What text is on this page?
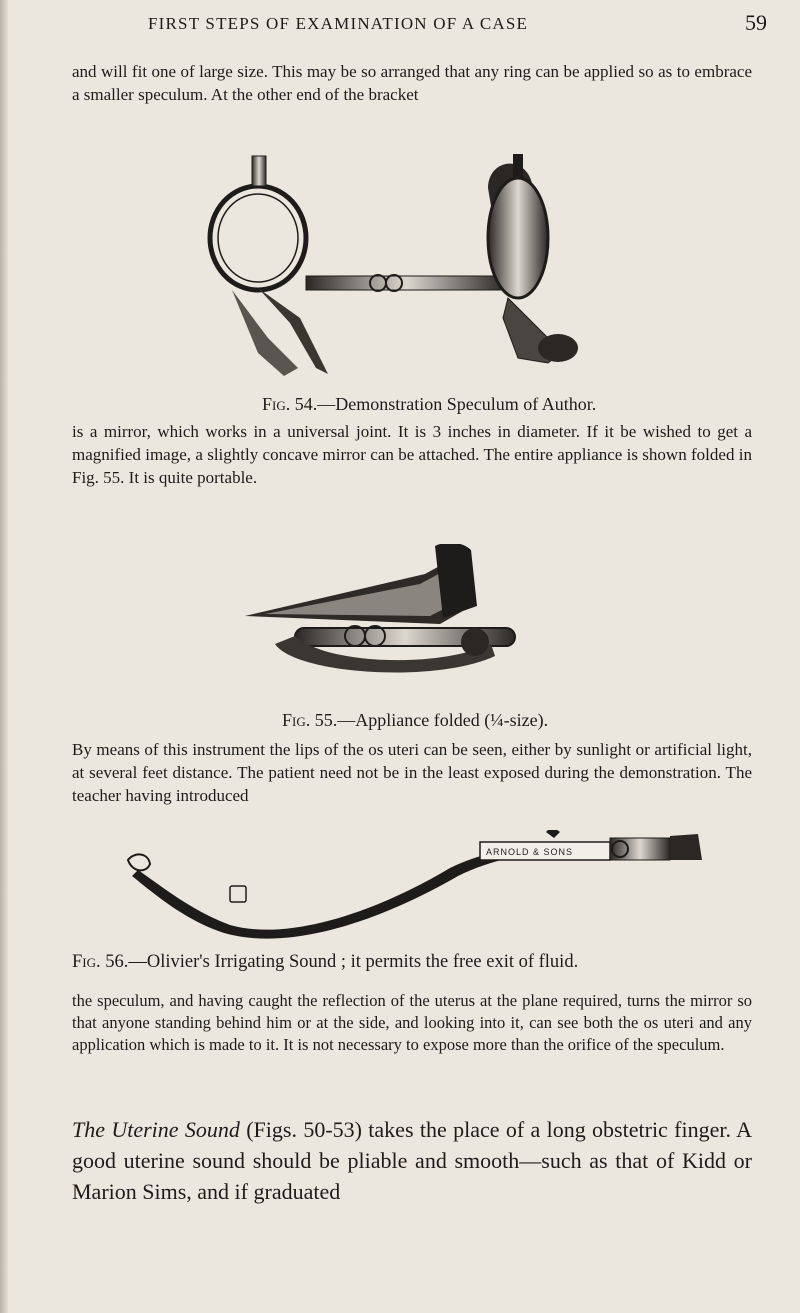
FIRST STEPS OF EXAMINATION OF A CASE	59

and will fit one of large size. This may be so arranged that any ring can be applied so as to embrace a smaller speculum. At the other end of the bracket

Fig. 54.—Demonstration Speculum of Author.

is a mirror, which works in a universal joint. It is 3 inches in diameter. If it be wished to get a magnified image, a slightly concave mirror can be attached. The entire appliance is shown folded in Fig. 55. It is quite portable.

Fig. 55.—Appliance folded (¼-size).

By means of this instrument the lips of the os uteri can be seen, either by sunlight or artificial light, at several feet distance. The patient need not be in the least exposed during the demonstration. The teacher having introduced

ARNOLD & SONS

Fig. 56.—Olivier's Irrigating Sound ; it permits the free exit of fluid.

the speculum, and having caught the reflection of the uterus at the plane required, turns the mirror so that anyone standing behind him or at the side, and looking into it, can see both the os uteri and any application which is made to it. It is not necessary to expose more than the orifice of the speculum.

The Uterine Sound (Figs. 50-53) takes the place of a long obstetric finger. A good uterine sound should be pliable and smooth—such as that of Kidd or Marion Sims, and if graduated
